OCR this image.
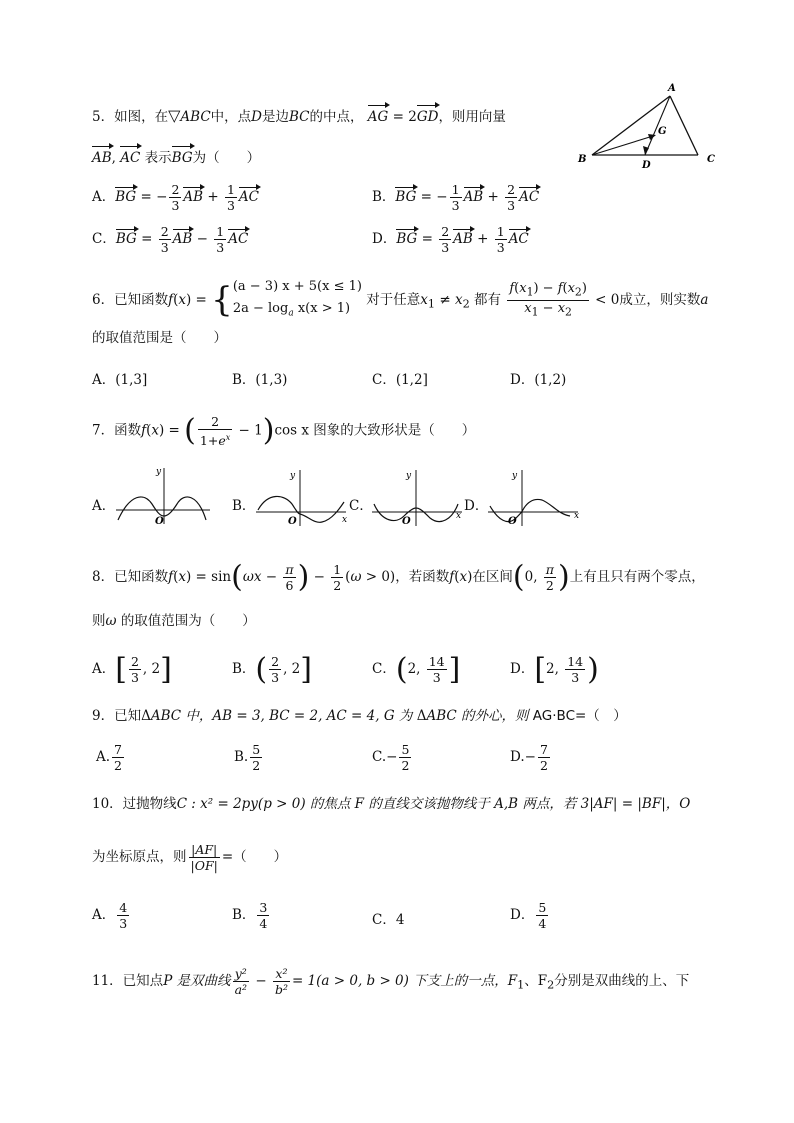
5．如图，在▽ABC中，点D是边BC的中点， AG = 2GD，则用向量
AB, AC 表示BG为（　　）
A．BG = − $\frac{2}{3}$ AB + $\frac{1}{3}$ AC	B．BG = − $\frac{1}{3}$ AB + $\frac{2}{3}$ AC
C．BG = $\frac{2}{3}$ AB − $\frac{1}{3}$ AC	D．BG = $\frac{2}{3}$ AB + $\frac{1}{3}$ AC
A
B	C
D
G
6．已知函数f(x) = {(a − 3) x + 5(x ≤ 1)
$2a - \log_a x(x > 1)$ 对于任意$x_1 \ne x_2$ 都有 $\frac{f(x_1) - f(x_2)}{x_1 - x_2} < 0$成立，则实数a
的取值范围是（　　）
A．(1,3]	B．(1,3)	C．(1,2]	D．(1,2)
7．函数f(x) = ( $\frac{2}{1+e^x} - 1)\cos$ x 图象的大致形状是（　　）
A．
y
O
B．
y
O	x
C．
y
O	x
D．
y
O	x
8．已知函数$f(x) = \sin(\omega x - \frac{\pi}{6}$ ) − $\frac{1}{2} (\omega > 0)$，若函数f(x)在区间(0, $\frac{\pi}{2}$ )上有且只有两个零点，
则ω 的取值范围为（　　）
A．[ $\frac{2}{3}$ , 2]	B．( $\frac{2}{3}$ , 2]	C．(2, $\frac{14}{3}$ ]	D．[2, $\frac{14}{3}$ )
9．已知ΔABC 中，AB = 3, BC = 2, AC = 4, G 为 ΔABC 的外心，则 AG·BC=（　）
A. $\frac{7}{2}$	B. $\frac{5}{2}$	$C.- \frac{5}{2}$	$D.- \frac{7}{2}$
10．过抛物线C : x² = 2py(p > 0) 的焦点 F 的直线交该抛物线于 A,B 两点，若 3|AF| = |BF|，O
为坐标原点，则 $\frac{|AF|}{|OF|}$ =（　　）
A． $\frac{4}{3}$	B． $\frac{3}{4}$	C．4	D． $\frac{5}{4}$
11．已知点P 是双曲线 $\frac{\text{y²}}{\text{a²}} - \frac{\text{x²}}{\text{b²}} = 1(a > 0$, b > 0) 下支上的一点，$F_1$、$F_2$分别是双曲线的上、下
